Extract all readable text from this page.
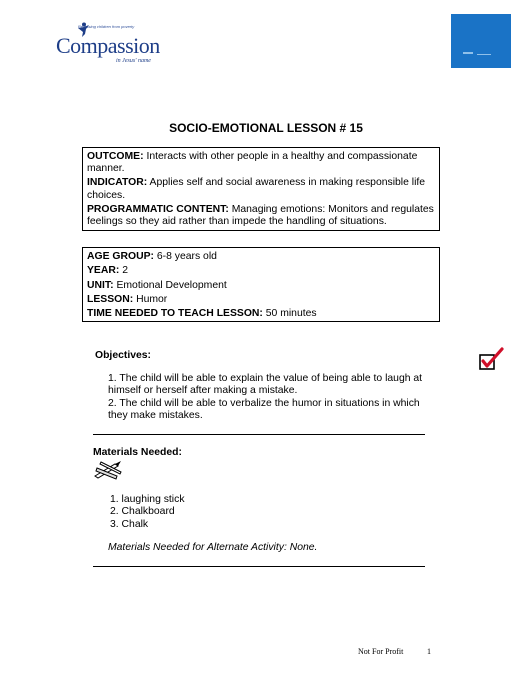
Releasing children from poverty
Compassion
in Jesus' name
SOCIO-EMOTIONAL LESSON # 15

OUTCOME: Interacts with other people in a healthy and compassionate manner.

INDICATOR: Applies self and social awareness in making responsible life choices.

PROGRAMMATIC CONTENT: Managing emotions: Monitors and regulates feelings so they aid rather than impede the handling of situations.

AGE GROUP: 6-8 years old

YEAR: 2

UNIT: Emotional Development

LESSON: Humor

TIME NEEDED TO TEACH LESSON: 50 minutes

Objectives:
1. The child will be able to explain the value of being able to laugh at himself or herself after making a mistake.
2. The child will be able to verbalize the humor in situations in which they make mistakes.
Materials Needed:
1. laughing stick
2. Chalkboard
3. Chalk
Materials Needed for Alternate Activity: None.
Not For Profit	1
